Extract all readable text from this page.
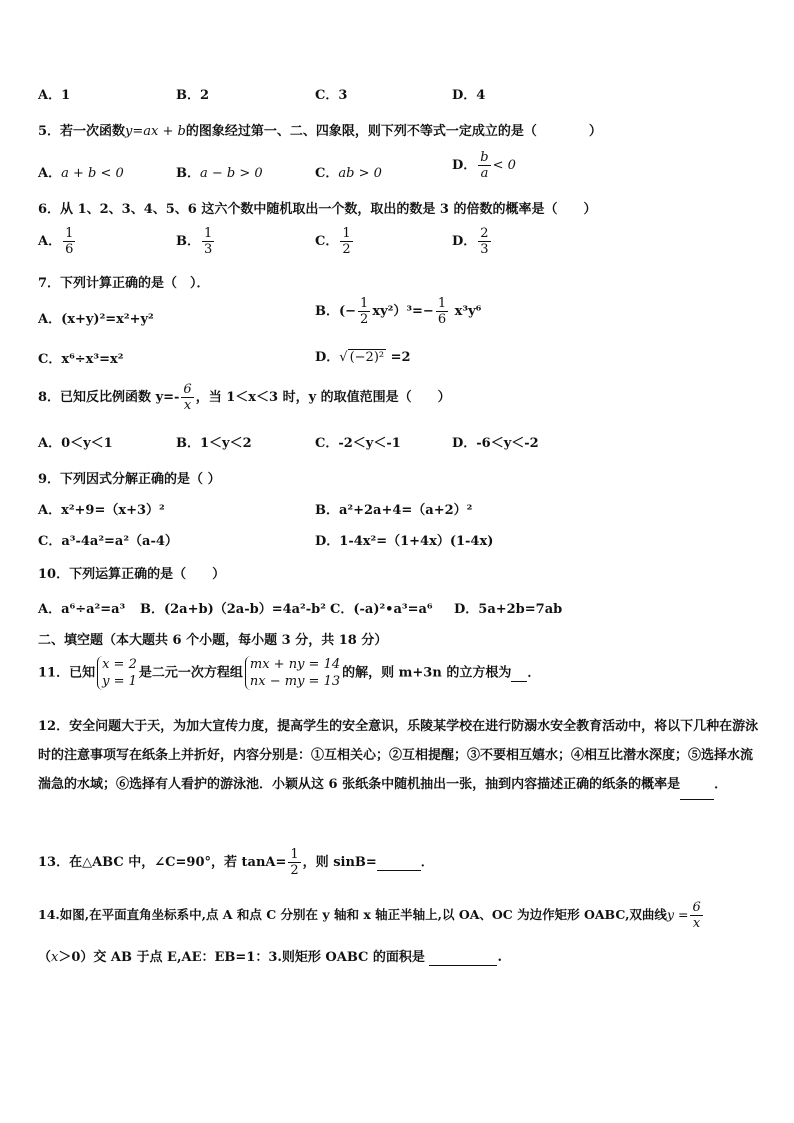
A．1	B．2	C．3	D．4
5．若一次函数y=ax + b的图象经过第一、二、四象限，则下列不等式一定成立的是（　　　　）
A．a + b < 0	B．a − b > 0	C．ab > 0
D． $\frac{b}{a} < 0$
6．从 1、2、3、4、5、6 这六个数中随机取出一个数，取出的数是 3 的倍数的概率是（　　）
A． $\frac{1}{6}$	B． $\frac{1}{3}$	C． $\frac{1}{2}$	D． $\frac{2}{3}$
7．下列计算正确的是（　）．
A．(x+y)²=x²+y²
B．(− $\frac{1}{2} xy^2)^3=- \frac{1}{6} x^3y^6$
C．x⁶÷x³=x²	D．√ (−2)² =2
8．已知反比例函数 $y=- \frac{6}{x}$ ，当 1＜x＜3 时，y 的取值范围是（　　）
A．0＜y＜1	B．1＜y＜2	C．-2＜y＜-1	D．-6＜y＜-2
9．下列因式分解正确的是（ ）
A．x²+9=（x+3）²	B．a²+2a+4=（a+2）²
C．a³-4a²=a²（a-4）	D．1-4x²=（1+4x）(1-4x)
10．下列运算正确的是（　　）
A．a⁶÷a²=a³ B．(2a+b)（2a-b）=4a²-b² C．(-a)²•a³=a⁶ D．5a+2b=7ab
二、填空题（本大题共 6 个小题，每小题 3 分，共 18 分）
11．已知
x = 2
y = 1
是二元一次方程组
mx + ny = 14
nx − my = 13
的解，则 m+3n 的立方根为 ．
12．安全问题大于天，为加大宣传力度，提高学生的安全意识，乐陵某学校在进行防溺水安全教育活动中，将以下几种在游泳时的注意事项写在纸条上并折好，内容分别是：①互相关心；②互相提醒；③不要相互嬉水；④相互比潜水深度；⑤选择水流湍急的水域；⑥选择有人看护的游泳池．小颖从这 6 张纸条中随机抽出一张，抽到内容描述正确的纸条的概率是	．
13．在△ABC 中，∠C=90°，若 $\tan A= \frac{1}{2}$ ，则 sinB=	．
14.如图,在平面直角坐标系中,点 A 和点 C 分别在 y 轴和 x 轴正半轴上,以 OA、OC 为边作矩形 OABC,双曲线$y = \frac{6}{x}$
（x＞0）交 AB 于点 E,AE：EB=1：3.则矩形 OABC 的面积是	.
